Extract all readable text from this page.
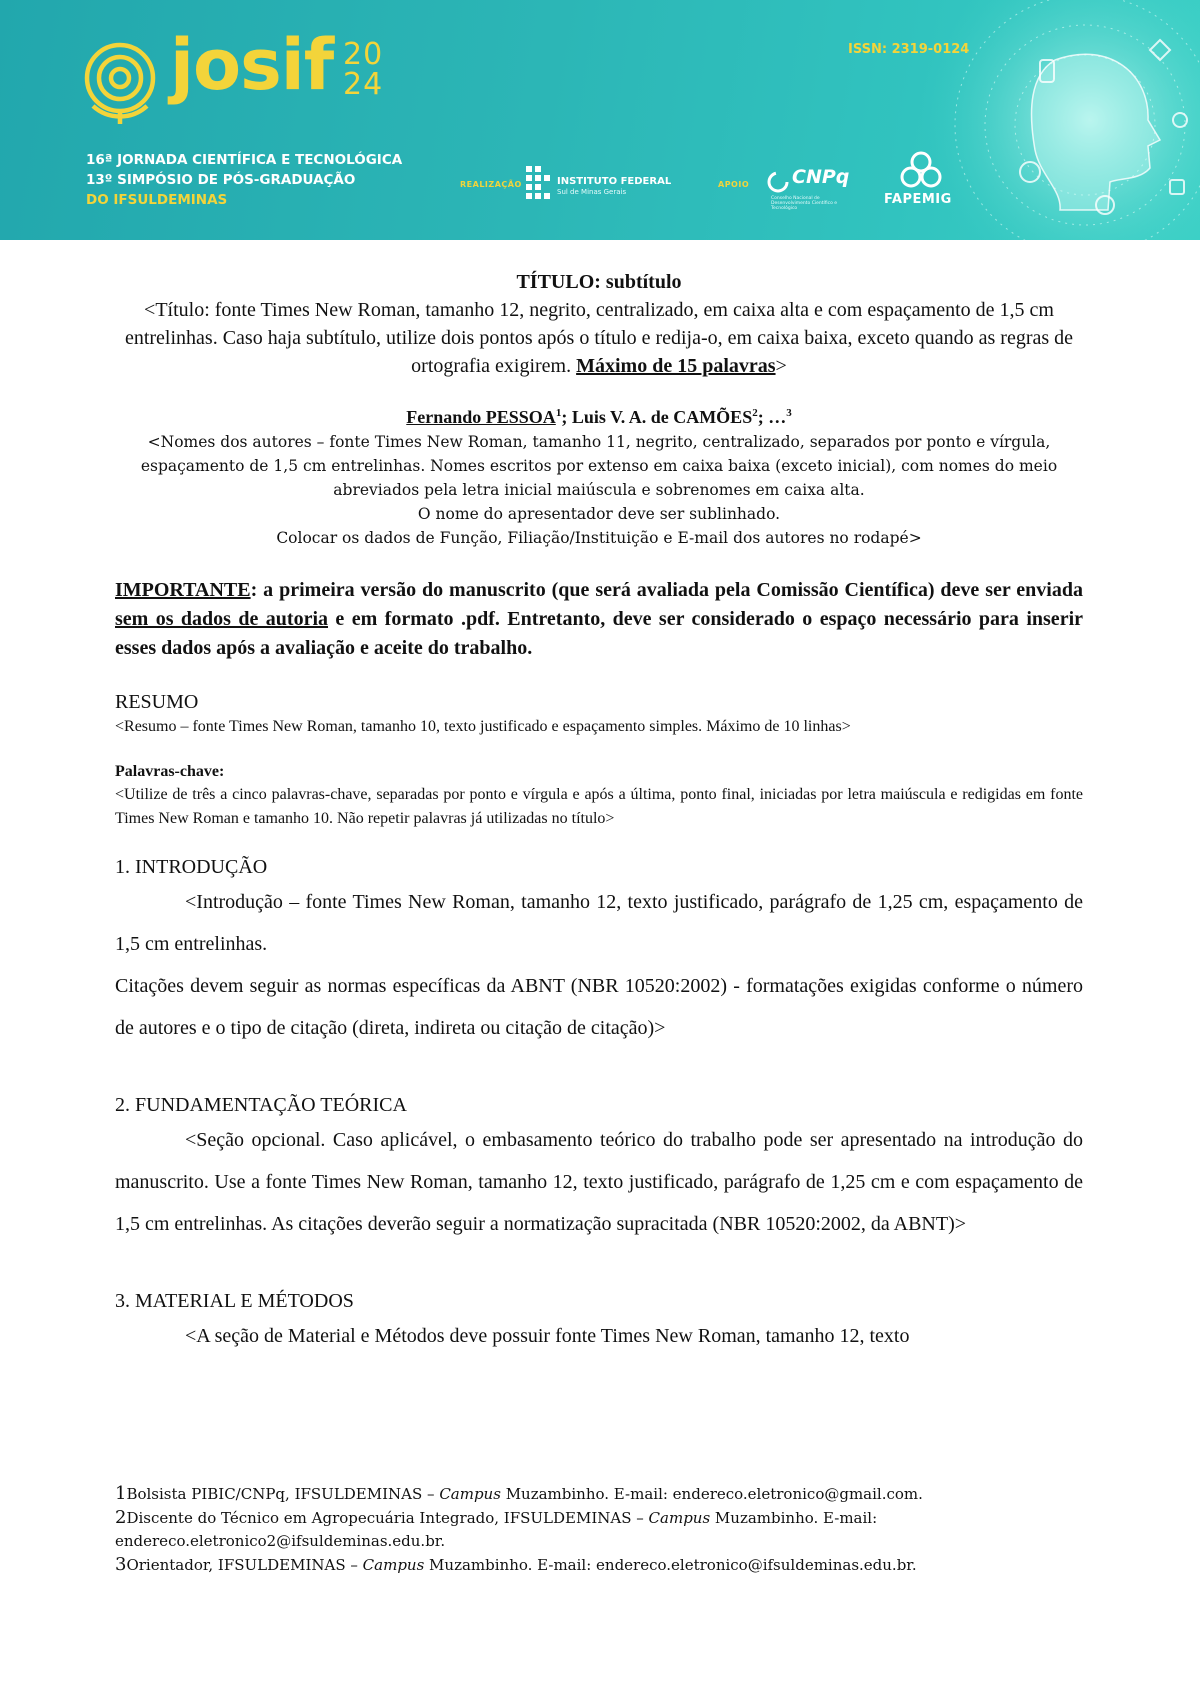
josif 20
24
16ª JORNADA CIENTÍFICA E TECNOLÓGICA
13º SIMPÓSIO DE PÓS-GRADUAÇÃO
DO IFSULDEMINAS
ISSN: 2319-0124
REALIZAÇÃO	INSTITUTO FEDERAL
Sul de Minas Gerais
APOIO CNPq
Conselho Nacional de Desenvolvimento Científico e Tecnológico
FAPEMIG

TÍTULO: subtítulo

<Título: fonte Times New Roman, tamanho 12, negrito, centralizado, em caixa alta e com espaçamento de 1,5 cm entrelinhas. Caso haja subtítulo, utilize dois pontos após o título e redija-o, em caixa baixa, exceto quando as regras de ortografia exigirem. Máximo de 15 palavras>

Fernando PESSOA$^1$; Luis V. A. de CAMÕES$^2$; …$^3$

<Nomes dos autores – fonte Times New Roman, tamanho 11, negrito, centralizado, separados por ponto e vírgula, espaçamento de 1,5 cm entrelinhas. Nomes escritos por extenso em caixa baixa (exceto inicial), com nomes do meio abreviados pela letra inicial maiúscula e sobrenomes em caixa alta.

O nome do apresentador deve ser sublinhado.

Colocar os dados de Função, Filiação/Instituição e E-mail dos autores no rodapé>

IMPORTANTE: a primeira versão do manuscrito (que será avaliada pela Comissão Científica) deve ser enviada sem os dados de autoria e em formato .pdf. Entretanto, deve ser considerado o espaço necessário para inserir esses dados após a avaliação e aceite do trabalho.

RESUMO

<Resumo – fonte Times New Roman, tamanho 10, texto justificado e espaçamento simples. Máximo de 10 linhas>

Palavras-chave:

<Utilize de três a cinco palavras-chave, separadas por ponto e vírgula e após a última, ponto final, iniciadas por letra maiúscula e redigidas em fonte Times New Roman e tamanho 10. Não repetir palavras já utilizadas no título>

1. INTRODUÇÃO

<Introdução – fonte Times New Roman, tamanho 12, texto justificado, parágrafo de 1,25 cm, espaçamento de 1,5 cm entrelinhas.

Citações devem seguir as normas específicas da ABNT (NBR 10520:2002) - formatações exigidas conforme o número de autores e o tipo de citação (direta, indireta ou citação de citação)>

2. FUNDAMENTAÇÃO TEÓRICA

<Seção opcional. Caso aplicável, o embasamento teórico do trabalho pode ser apresentado na introdução do manuscrito. Use a fonte Times New Roman, tamanho 12, texto justificado, parágrafo de 1,25 cm e com espaçamento de 1,5 cm entrelinhas. As citações deverão seguir a normatização supracitada (NBR 10520:2002, da ABNT)>

3. MATERIAL E MÉTODOS

<A seção de Material e Métodos deve possuir fonte Times New Roman, tamanho 12, texto

1Bolsista PIBIC/CNPq, IFSULDEMINAS – Campus Muzambinho. E-mail: endereco.eletronico@gmail.com.

2Discente do Técnico em Agropecuária Integrado, IFSULDEMINAS – Campus Muzambinho. E-mail: endereco.eletronico2@ifsuldeminas.edu.br.

3Orientador, IFSULDEMINAS – Campus Muzambinho. E-mail: endereco.eletronico@ifsuldeminas.edu.br.
